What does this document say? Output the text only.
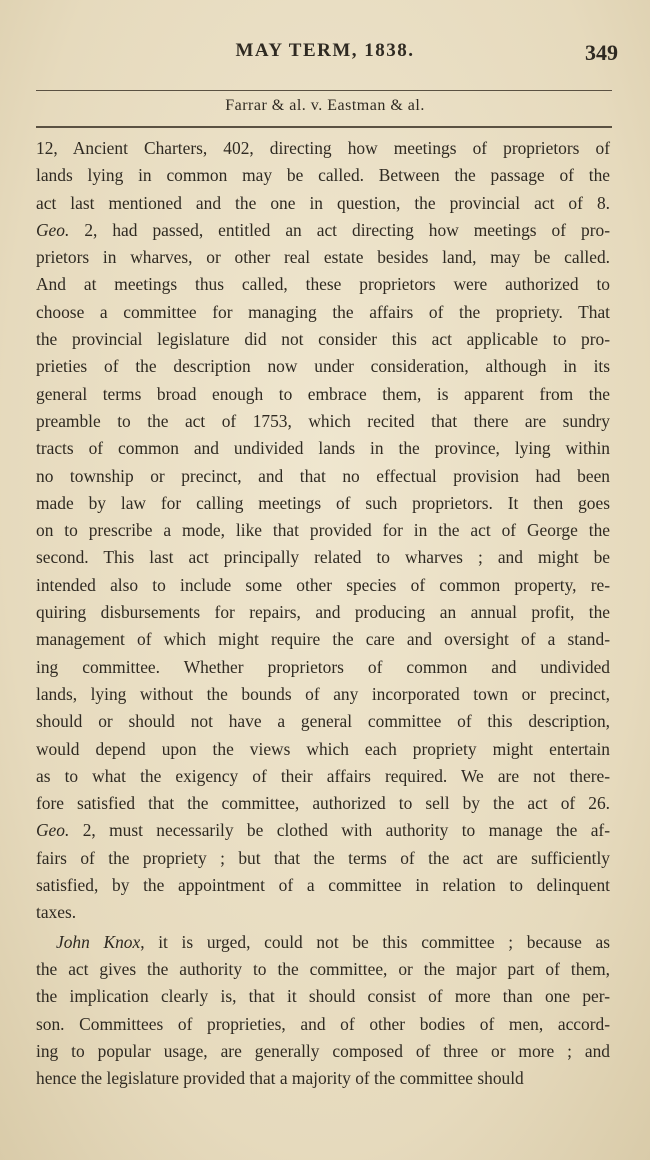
MAY TERM, 1838.	349
Farrar & al. v. Eastman & al.
12, Ancient Charters, 402, directing how meetings of proprietors of
lands lying in common may be called. Between the passage of the
act last mentioned and the one in question, the provincial act of 8.
Geo. 2, had passed, entitled an act directing how meetings of pro-
prietors in wharves, or other real estate besides land, may be called.
And at meetings thus called, these proprietors were authorized to
choose a committee for managing the affairs of the propriety. That
the provincial legislature did not consider this act applicable to pro-
prieties of the description now under consideration, although in its
general terms broad enough to embrace them, is apparent from the
preamble to the act of 1753, which recited that there are sundry
tracts of common and undivided lands in the province, lying within
no township or precinct, and that no effectual provision had been
made by law for calling meetings of such proprietors. It then goes
on to prescribe a mode, like that provided for in the act of George the
second. This last act principally related to wharves ; and might be
intended also to include some other species of common property, re-
quiring disbursements for repairs, and producing an annual profit, the
management of which might require the care and oversight of a stand-
ing committee. Whether proprietors of common and undivided
lands, lying without the bounds of any incorporated town or precinct,
should or should not have a general committee of this description,
would depend upon the views which each propriety might entertain
as to what the exigency of their affairs required. We are not there-
fore satisfied that the committee, authorized to sell by the act of 26.
Geo. 2, must necessarily be clothed with authority to manage the af-
fairs of the propriety ; but that the terms of the act are sufficiently
satisfied, by the appointment of a committee in relation to delinquent
taxes.
John Knox, it is urged, could not be this committee ; because as
the act gives the authority to the committee, or the major part of them,
the implication clearly is, that it should consist of more than one per-
son. Committees of proprieties, and of other bodies of men, accord-
ing to popular usage, are generally composed of three or more ; and
hence the legislature provided that a majority of the committee should
